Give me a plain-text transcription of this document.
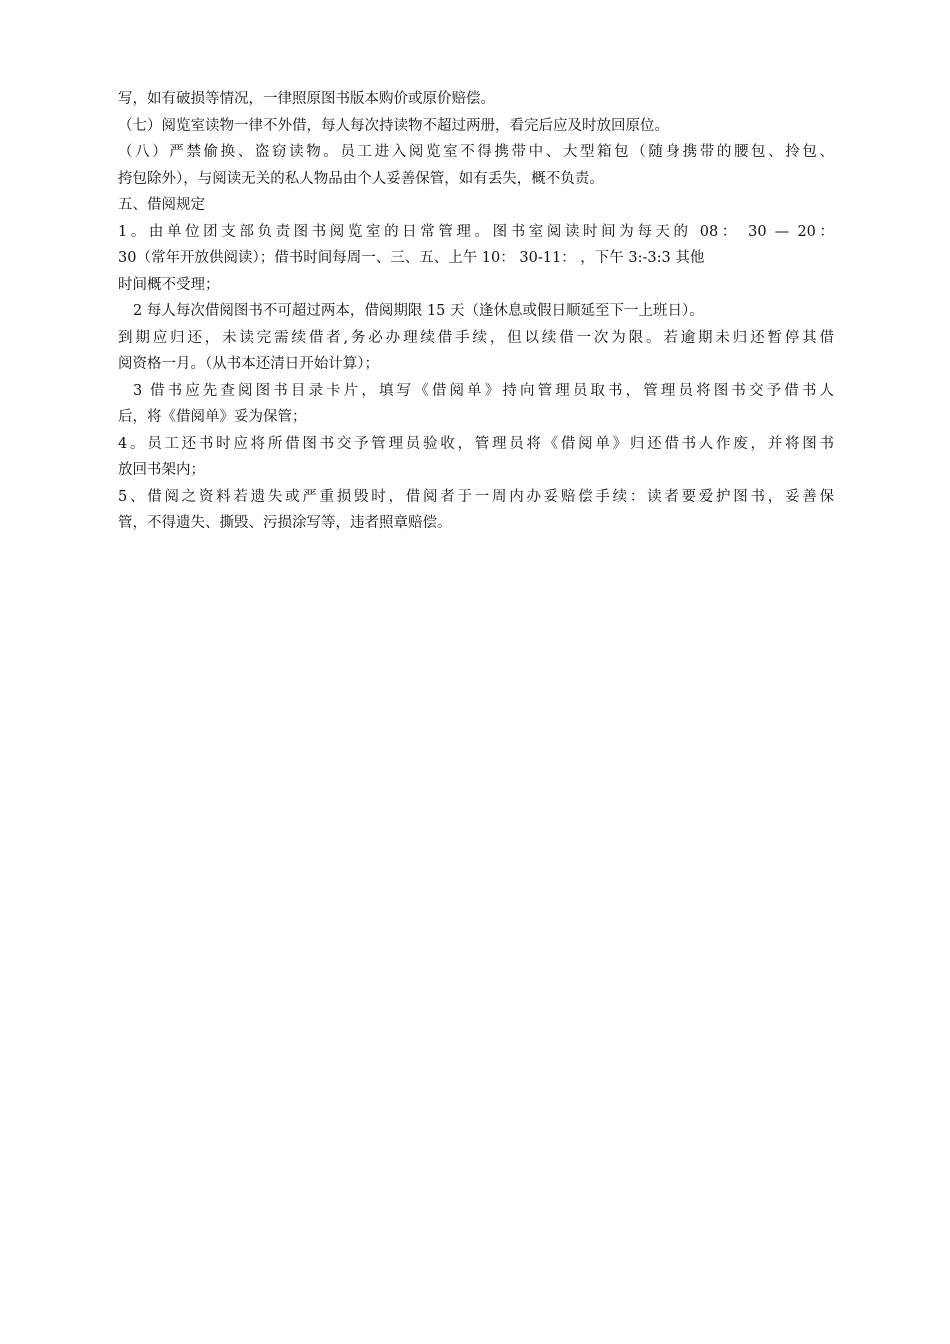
写，如有破损等情况，一律照原图书版本购价或原价赔偿。
（七）阅览室读物一律不外借，每人每次持读物不超过两册，看完后应及时放回原位。
（八）严禁偷换、盗窃读物。员工进入阅览室不得携带中、大型箱包（随身携带的腰包、拎包、
挎包除外），与阅读无关的私人物品由个人妥善保管，如有丢失，概不负责。
五、借阅规定
1。由单位团支部负责图书阅览室的日常管理。图书室阅读时间为每天的 08： 30 — 20：
30（常年开放供阅读）；借书时间每周一、三、五、上午 10： 30-11： ，下午 3:-3:3 其他
时间概不受理；
2 每人每次借阅图书不可超过两本，借阅期限 15 天（逢休息或假日顺延至下一上班日）。
到期应归还，未读完需续借者,务必办理续借手续，但以续借一次为限。若逾期未归还暂停其借
阅资格一月。（从书本还清日开始计算）；
3 借书应先查阅图书目录卡片，填写《借阅单》持向管理员取书，管理员将图书交予借书人
后，将《借阅单》妥为保管；
4。员工还书时应将所借图书交予管理员验收，管理员将《借阅单》归还借书人作废，并将图书
放回书架内；
5、借阅之资料若遗失或严重损毁时，借阅者于一周内办妥赔偿手续：读者要爱护图书，妥善保
管，不得遗失、撕毁、污损涂写等，违者照章赔偿。
